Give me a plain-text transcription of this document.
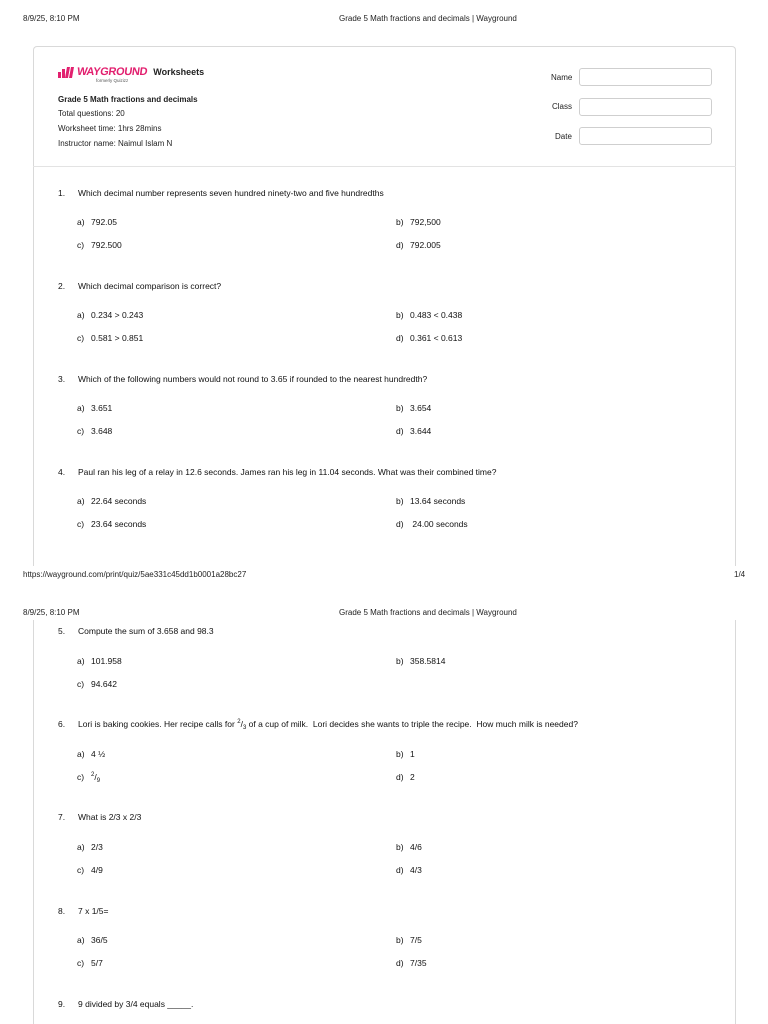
8/9/25, 8:10 PM	Grade 5 Math fractions and decimals | Wayground
WAYGROUND
formerly Quizizz
Worksheets
Grade 5 Math fractions and decimals
Total questions: 20
Worksheet time: 1hrs 28mins
Instructor name: Naimul Islam N
Name
Class
Date
1. Which decimal number represents seven hundred ninety-two and five hundredths
a) 792.05	b) 792,500
c) 792.500	d) 792.005
2. Which decimal comparison is correct?
a) 0.234 > 0.243	b) 0.483 < 0.438
c) 0.581 > 0.851	d) 0.361 < 0.613
3. Which of the following numbers would not round to 3.65 if rounded to the nearest hundredth?
a) 3.651	b) 3.654
c) 3.648	d) 3.644
4. Paul ran his leg of a relay in 12.6 seconds. James ran his leg in 11.04 seconds. What was their combined time?
a) 22.64 seconds	b) 13.64 seconds
c) 23.64 seconds	d) 24.00 seconds
https://wayground.com/print/quiz/5ae331c45dd1b0001a28bc27	1/4
8/9/25, 8:10 PM	Grade 5 Math fractions and decimals | Wayground
5. Compute the sum of 3.658 and 98.3
a) 101.958	b) 358.5814
c) 94.642
6. Lori is baking cookies. Her recipe calls for $^2/_3$ of a cup of milk.  Lori decides she wants to triple the recipe.  How much milk is needed?
a) 4 ½	b) 1
c) $^2/_9$	d) 2
7. What is 2/3 x 2/3
a) 2/3	b) 4/6
c) 4/9	d) 4/3
8. 7 x 1/5=
a) 36/5	b) 7/5
c) 5/7	d) 7/35
9. 9 divided by 3/4 equals _____.
